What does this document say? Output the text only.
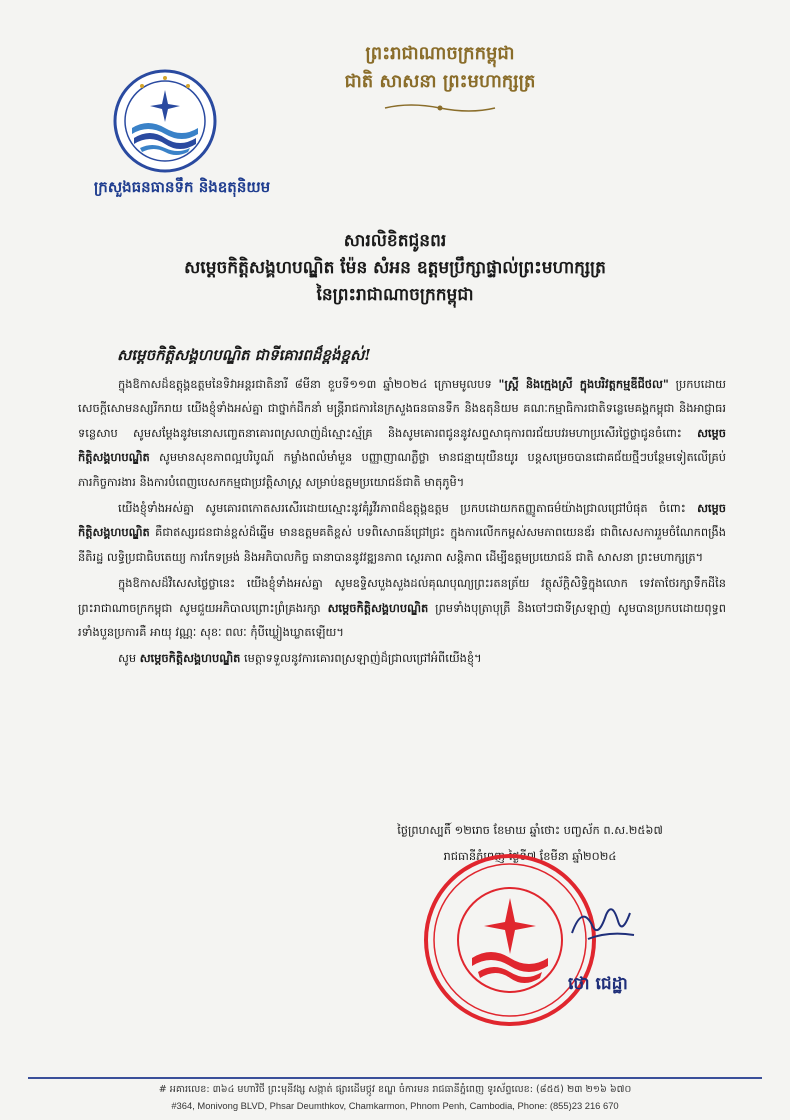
ក្រសួងធនធានទឹក និងឧតុនិយម
ព្រះរាជាណាចក្រកម្ពុជា
ជាតិ សាសនា ព្រះមហាក្សត្រ
សារលិខិតជូនពរ
សម្តេចកិត្តិសង្គហបណ្ឌិត ម៉ែន សំអន ឧត្តមប្រឹក្សាផ្ទាល់ព្រះមហាក្សត្រ
នៃព្រះរាជាណាចក្រកម្ពុជា
សម្តេចកិត្តិសង្គហបណ្ឌិត ជាទីគោរពដ៏ខ្ពង់ខ្ពស់!

ក្នុងឱកាសដ៏ឧត្តុង្គឧត្តមនៃទិវាអន្តរជាតិនារី ៨មីនា ខួបទី១១៣ ឆ្នាំ២០២៤ ក្រោមមូលបទ "ស្ត្រី និងក្មេងស្រី ក្នុងបរិវត្តកម្មឌីជីថល" ប្រកបដោយសេចក្តីសោមនស្សរីករាយ យើងខ្ញុំទាំងអស់គ្នា ជាថ្នាក់ដឹកនាំ មន្ត្រីរាជការនៃក្រសួងធនធានទឹក និងឧតុនិយម គណៈកម្មាធិការជាតិទន្លេមេគង្គកម្ពុជា និងអាជ្ញាធរទន្លេសាប សូមសម្តែងនូវមនោសញ្ចេតនាគោរពស្រលាញ់ដ៏ស្មោះស្ម័គ្រ និងសូមគោរពជូននូវសព្ទសាធុការពរជ័យបវរមហាប្រសើរថ្លៃថ្លាជូនចំពោះ សម្តេចកិត្តិសង្គហបណ្ឌិត សូមមានសុខភាពល្អបរិបូណ៍ កម្លាំងពលំមាំមួន បញ្ញាញាណភ្លឺថ្លា មានជន្មាយុយឺនយូរ បន្តសម្រេចបានជោគជ័យថ្មីៗបន្ថែមទៀតលើគ្រប់ភារកិច្ចការងារ និងការបំពេញបេសកកម្មជាប្រវត្តិសាស្រ្ត សម្រាប់ឧត្តមប្រយោជន៍ជាតិ មាតុភូមិ។

យើងខ្ញុំទាំងអស់គ្នា សូមគោរពកោតសរសើរដោយស្មោះនូវគុំរូវីរភាពដ៏ឧត្តុង្គឧត្តម ប្រកបដោយកតញ្ញូតាធម៌យ៉ាងជ្រាលជ្រៅបំផុត ចំពោះ សម្តេចកិត្តិសង្គហបណ្ឌិត គឺជាឥស្សរជនជាន់ខ្ពស់ដ៏ឆ្នើម មានឧត្តមគតិខ្ពស់ បទពិសោធន៍ជ្រៅជ្រះ ក្នុងការលើកកម្ពស់សមភាពយេនឌ័រ ជាពិសេសការរួមចំណែកពង្រឹងនីតិរដ្ឋ លទ្ធិប្រជាធិបតេយ្យ ការកែទម្រង់ និងអភិបាលកិច្ច ធានាបាននូវវឌ្ឍនភាព ស្ថេរភាព សន្តិភាព ដើម្បីឧត្តមប្រយោជន៍ ជាតិ សាសនា ព្រះមហាក្សត្រ។

ក្នុងឱកាសដ៏វិសេសថ្លៃថ្លានេះ យើងខ្ញុំទាំងអស់គ្នា សូមឧទ្ទិសបួងសួងដល់គុណបុណ្យព្រះរតនត្រ័យ វត្ថុស័ក្តិសិទ្ធិក្នុងលោក ទេវតាថែរក្សាទឹកដីនៃព្រះរាជាណាចក្រកម្ពុជា សូមជួយអភិបាលព្រោះព្រំគ្រងរក្សា សម្តេចកិត្តិសង្គហបណ្ឌិត ព្រមទាំងបុត្រាបុត្រី និងចៅៗជាទីស្រឡាញ់ សូមបានប្រកបដោយពុទ្ធពរទាំងបួនប្រការគឺ អាយុ វណ្ណៈ សុខៈ ពលៈ កុំបីឃ្លៀងឃ្លាតឡើយ។

សូម សម្តេចកិត្តិសង្គហបណ្ឌិត មេត្តាទទួលនូវការគោរពស្រឡាញ់ដ៏ជ្រាលជ្រៅអំពីយើងខ្ញុំ។

ថ្ងៃព្រហស្បតិ៍ ១២រោច ខែមាឃ ឆ្នាំថោះ បញ្ចស័ក ព.ស.២៥៦៧
រាជធានីភ្នំពេញ ថ្ងៃទី៧ ខែមីនា ឆ្នាំ២០២៤
ថោ ជេដ្ឋា
# អគារលេខ: ៣៦៤ មហាវិថី ព្រះមុនីវង្ស សង្កាត់ ផ្សារដើមថ្កូវ ខណ្ឌ ចំការមន រាជធានីភ្នំពេញ ទូរស័ព្ទលេខ: (៨៥៥) ២៣ ២១៦ ៦៧០
#364, Monivong BLVD, Phsar Deumthkov, Chamkarmon, Phnom Penh, Cambodia, Phone: (855)23 216 670
